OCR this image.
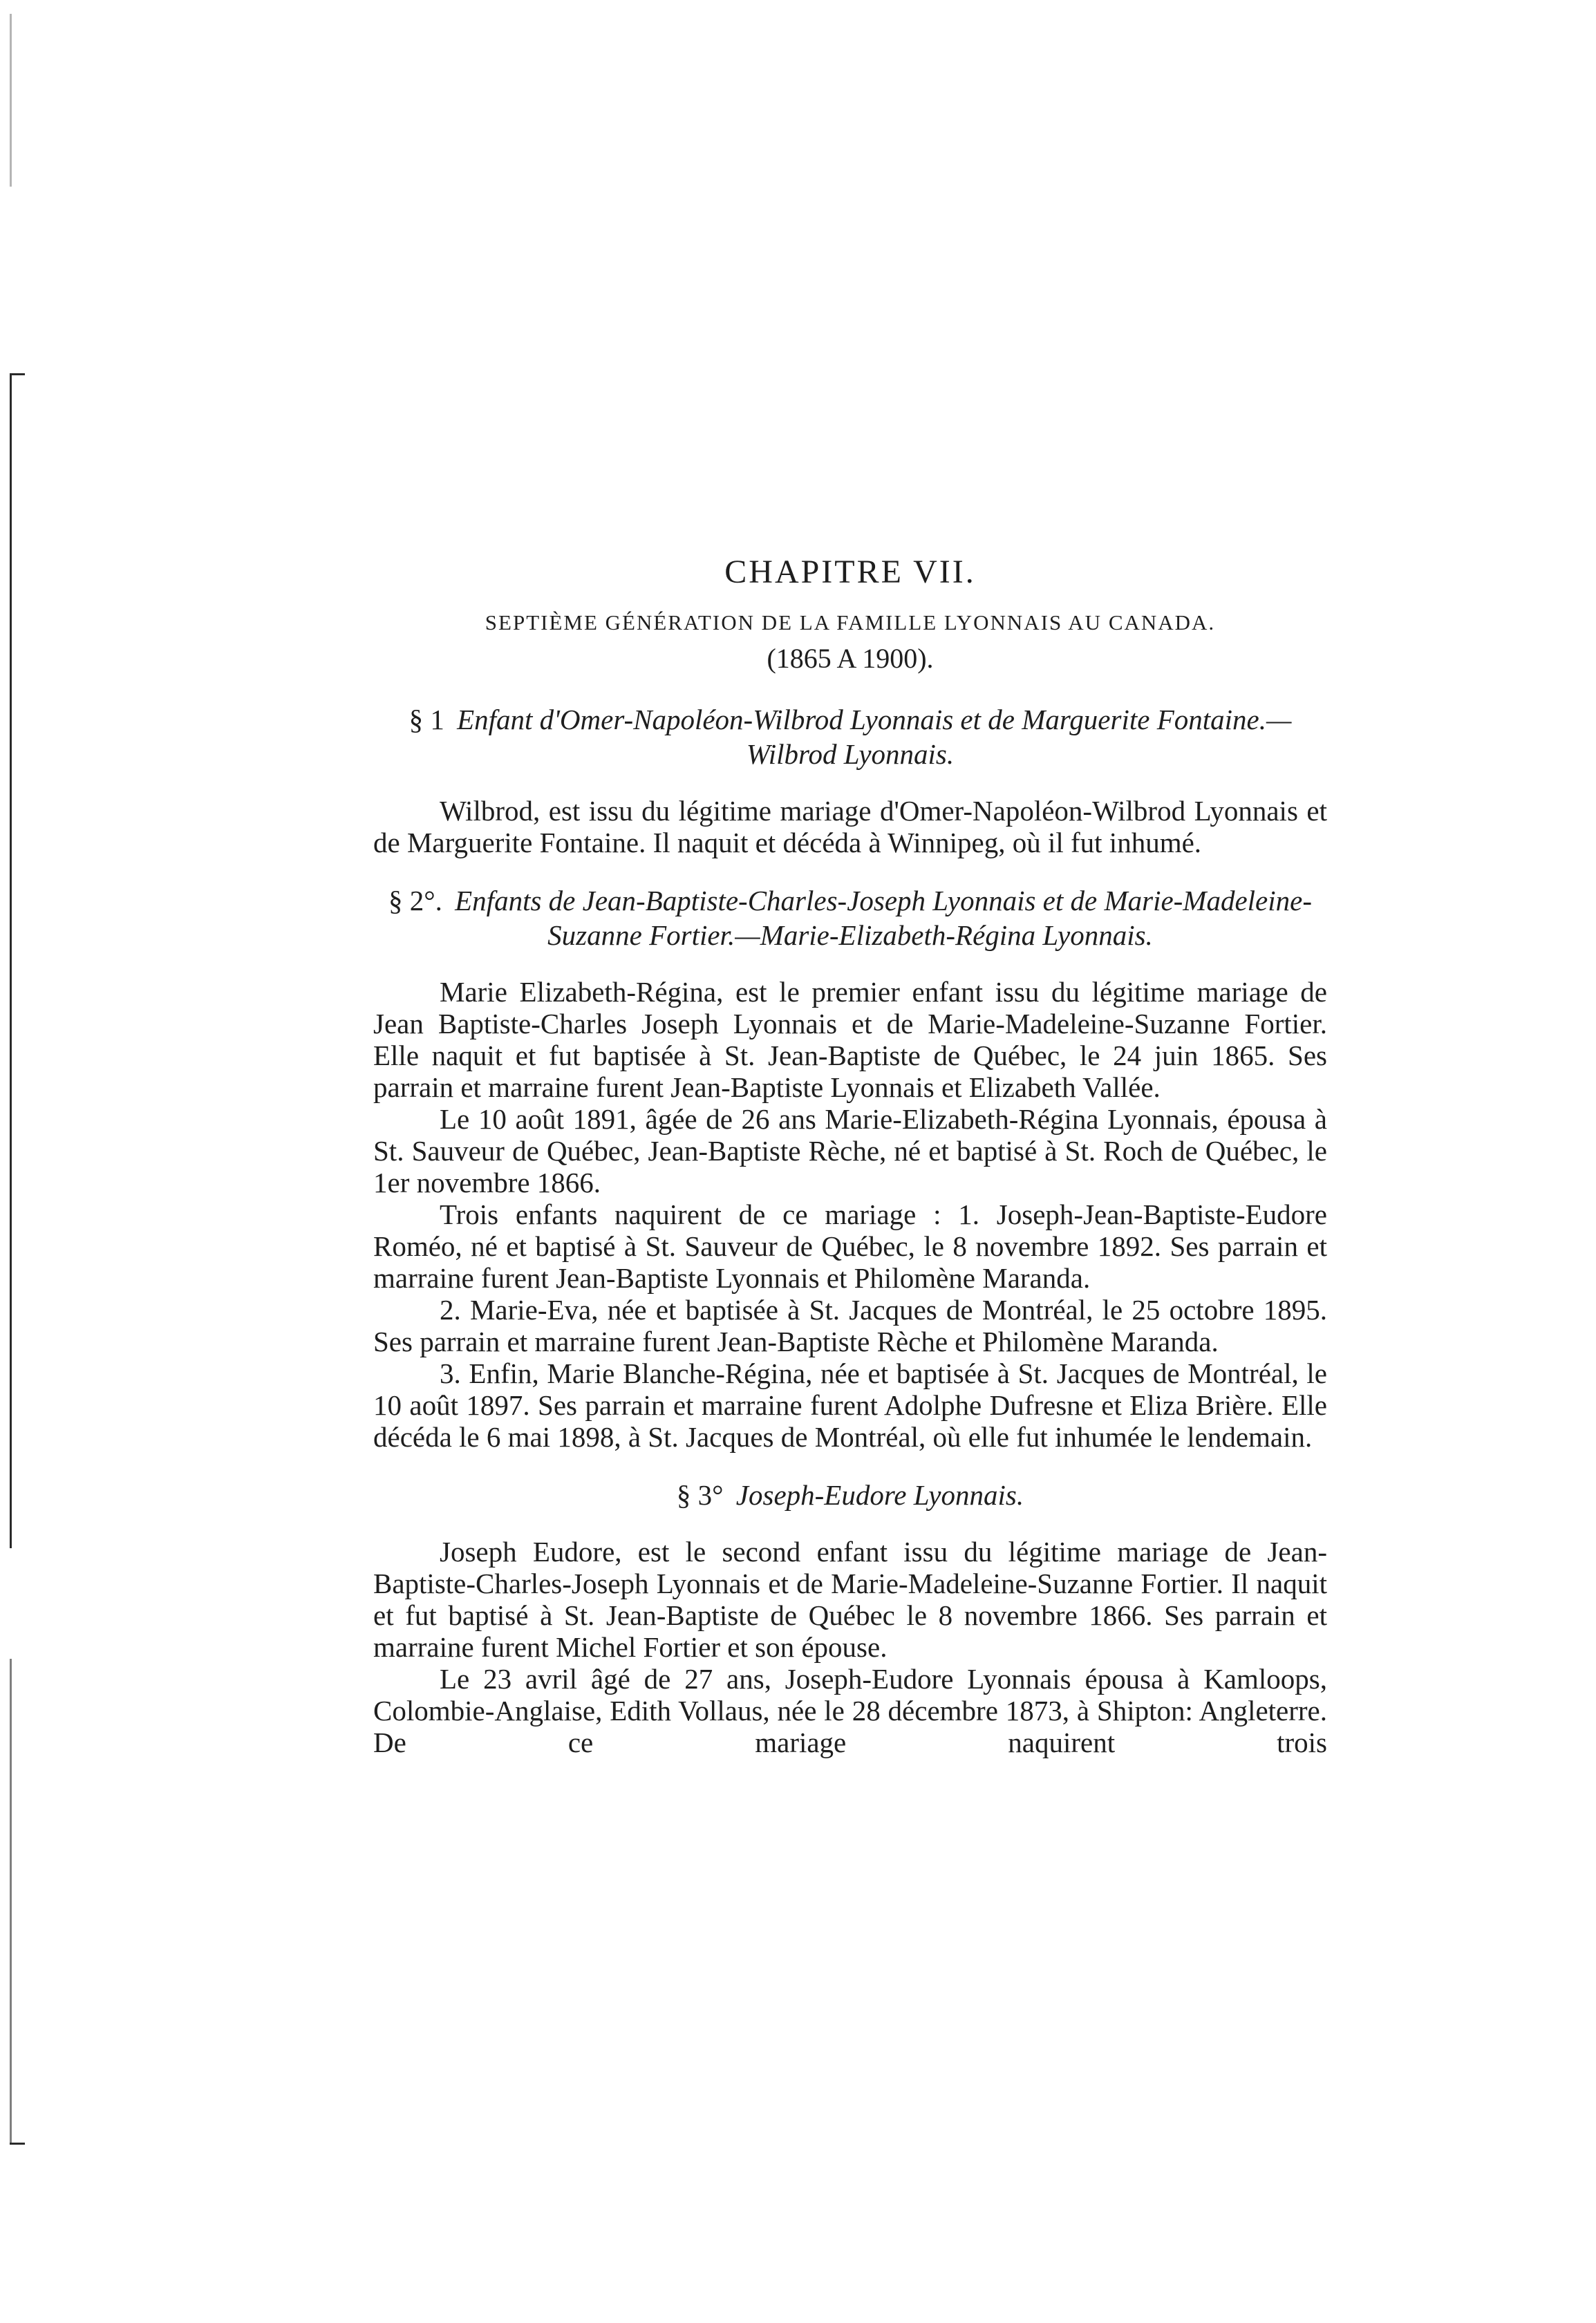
CHAPITRE VII.
SEPTIÈME GÉNÉRATION DE LA FAMILLE LYONNAIS AU CANADA.
(1865 A 1900).
§ 1 Enfant d'Omer-Napoléon-Wilbrod Lyonnais et de Marguerite Fontaine.—Wilbrod Lyonnais.

Wilbrod, est issu du légitime mariage d'Omer-Napoléon-Wilbrod Lyonnais et de Marguerite Fontaine. Il naquit et décéda à Winnipeg, où il fut inhumé.

§ 2°. Enfants de Jean-Baptiste-Charles-Joseph Lyonnais et de Marie-Madeleine-Suzanne Fortier.—Marie-Elizabeth-Régina Lyonnais.

Marie Elizabeth-Régina, est le premier enfant issu du légitime mariage de Jean Baptiste-Charles Joseph Lyonnais et de Marie-Madeleine-Suzanne Fortier. Elle naquit et fut baptisée à St. Jean-Baptiste de Québec, le 24 juin 1865. Ses parrain et marraine furent Jean-Baptiste Lyonnais et Elizabeth Vallée.

Le 10 août 1891, âgée de 26 ans Marie-Elizabeth-Régina Lyonnais, épousa à St. Sauveur de Québec, Jean-Baptiste Rèche, né et baptisé à St. Roch de Québec, le 1er novembre 1866.

Trois enfants naquirent de ce mariage : 1. Joseph-Jean-Baptiste-Eudore Roméo, né et baptisé à St. Sauveur de Québec, le 8 novembre 1892. Ses parrain et marraine furent Jean-Baptiste Lyonnais et Philomène Maranda.

2. Marie-Eva, née et baptisée à St. Jacques de Montréal, le 25 octobre 1895. Ses parrain et marraine furent Jean-Baptiste Rèche et Philomène Maranda.

3. Enfin, Marie Blanche-Régina, née et baptisée à St. Jacques de Montréal, le 10 août 1897. Ses parrain et marraine furent Adolphe Dufresne et Eliza Brière. Elle décéda le 6 mai 1898, à St. Jacques de Montréal, où elle fut inhumée le lendemain.

§ 3° Joseph-Eudore Lyonnais.

Joseph Eudore, est le second enfant issu du légitime mariage de Jean-Baptiste-Charles-Joseph Lyonnais et de Marie-Madeleine-Suzanne Fortier. Il naquit et fut baptisé à St. Jean-Baptiste de Québec le 8 novembre 1866. Ses parrain et marraine furent Michel Fortier et son épouse.

Le 23 avril âgé de 27 ans, Joseph-Eudore Lyonnais épousa à Kamloops, Colombie-Anglaise, Edith Vollaus, née le 28 décembre 1873, à Shipton: Angleterre. De ce mariage naquirent trois
